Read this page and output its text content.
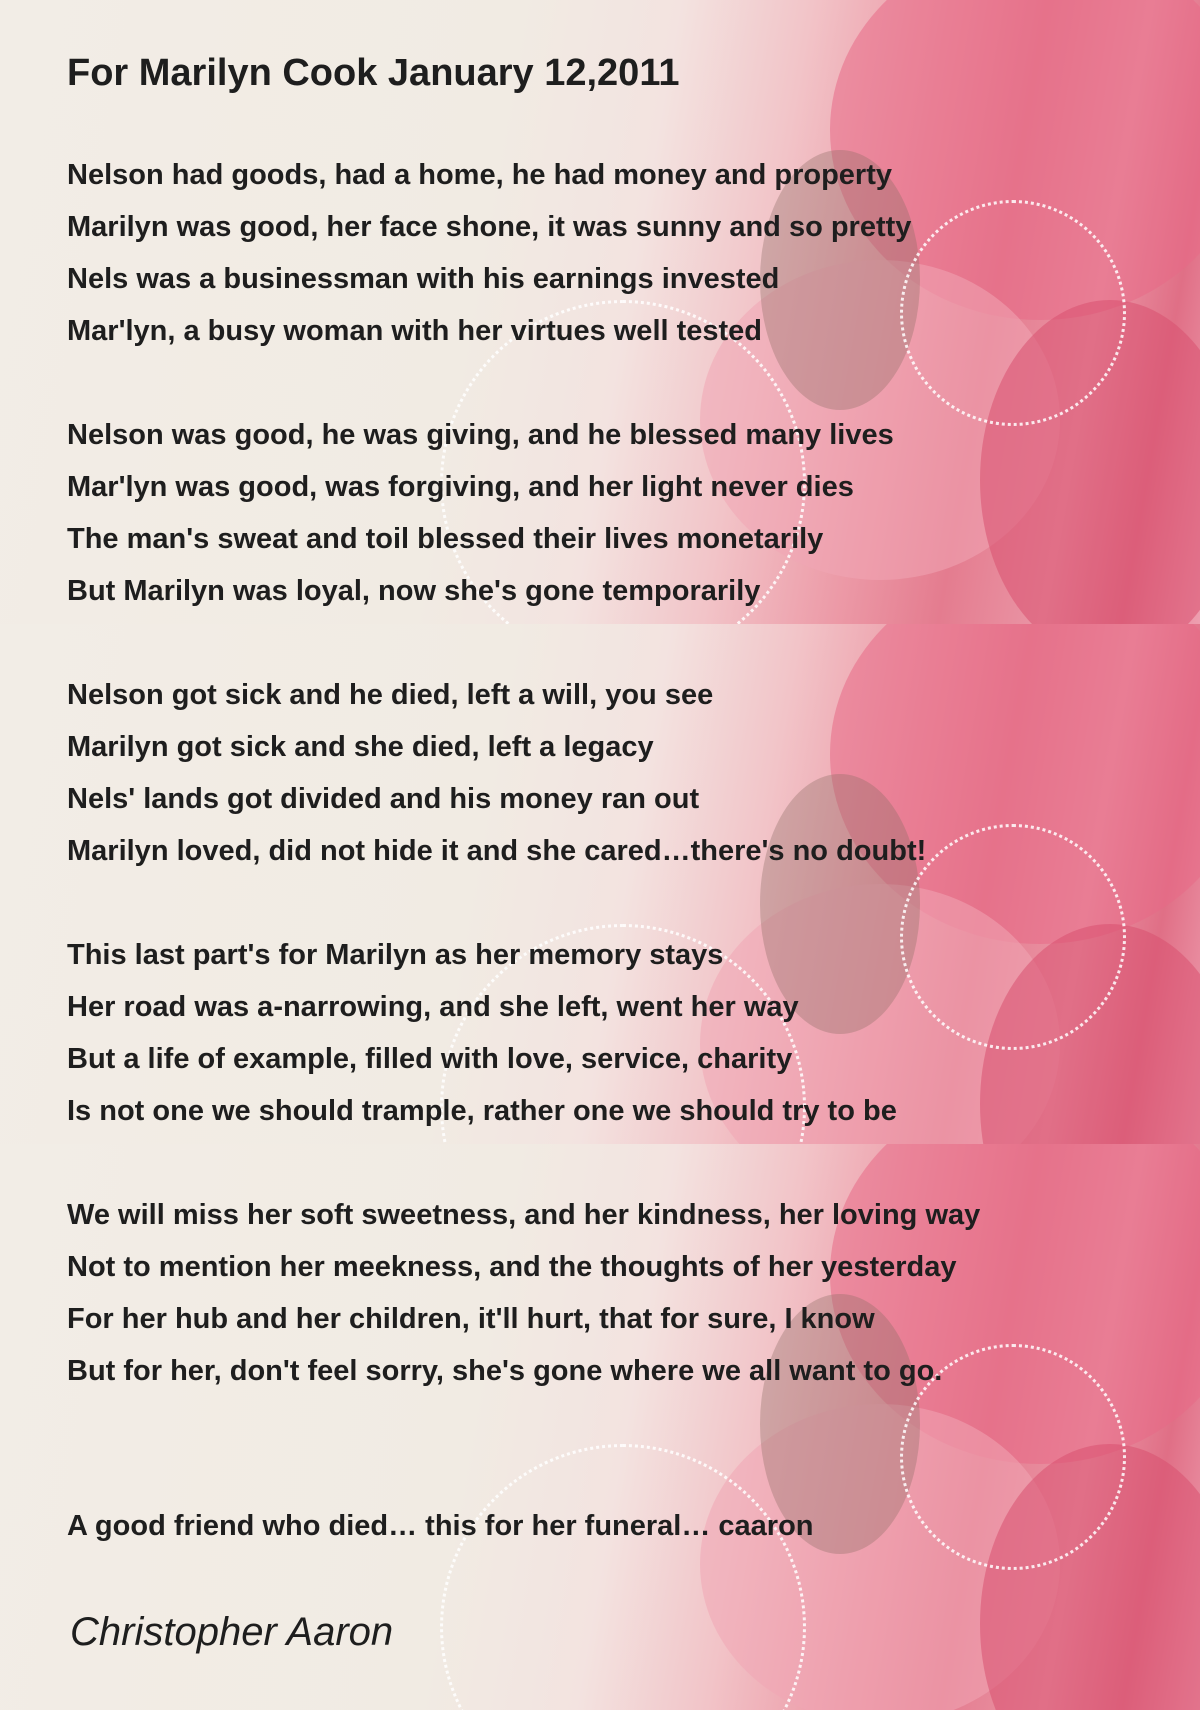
For Marilyn Cook January 12,2011
Nelson had goods, had a home, he had money and property
Marilyn was good, her face shone, it was sunny and so pretty
Nels was a businessman with his earnings invested
Mar'lyn, a busy woman with her virtues well tested
Nelson was good, he was giving, and he blessed many lives
Mar'lyn was good, was forgiving, and her light never dies
The man's sweat and toil blessed their lives monetarily
But Marilyn was loyal, now she's gone temporarily
Nelson got sick and he died, left a will, you see
Marilyn got sick and she died, left a legacy
Nels' lands got divided and his money ran out
Marilyn loved, did not hide it and she cared…there's no doubt!
This last part's for Marilyn as her memory stays
Her road was a-narrowing, and she left, went her way
But a life of example, filled with love, service, charity
Is not one we should trample, rather one we should try to be
We will miss her soft sweetness, and her kindness, her loving way
Not to mention her meekness, and the thoughts of her yesterday
For her hub and her children, it'll hurt, that for sure, I know
But for her, don't feel sorry, she's gone where we all want to go.
A good friend who died… this for her funeral… caaron
Christopher Aaron
